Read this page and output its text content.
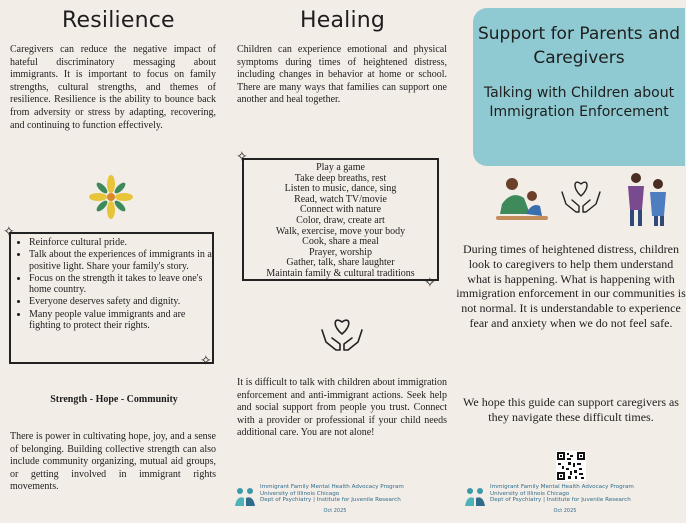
Resilience

Caregivers can reduce the negative impact of hateful discriminatory messaging about immigrants. It is important to focus on family strengths, cultural strengths, and themes of resilience. Resilience is the ability to bounce back from adversity or stress by adapting, recovering, and continuing to function effectively.

✧
• Reinforce cultural pride.
• Talk about the experiences of immigrants in a positive light. Share your family's story.
• Focus on the strength it takes to leave one's home country.
• Everyone deserves safety and dignity.
• Many people value immigrants and are fighting to protect their rights.
✧
Strength - Hope - Community

There is power in cultivating hope, joy, and a sense of belonging. Building collective strength can also include community organizing, mutual aid groups, or getting involved in immigrant rights movements.

Healing

Children can experience emotional and physical symptoms during times of heightened distress, including changes in behavior at home or school. There are many ways that families can support one another and heal together.

✧
Play a game
Take deep breaths, rest
Listen to music, dance, sing
Read, watch TV/movie
Connect with nature
Color, draw, create art
Walk, exercise, move your body
Cook, share a meal
Prayer, worship
Gather, talk, share laughter
Maintain family & cultural traditions
✧

It is difficult to talk with children about immigration enforcement and anti-immigrant actions. Seek help and social support from people you trust. Connect with a provider or professional if your child needs additional care. You are not alone!

Support for Parents and Caregivers
Talking with Children about Immigration Enforcement

During times of heightened distress, children look to caregivers to help them understand what is happening. What is happening with immigration enforcement in our communities is not normal. It is understandable to experience fear and anxiety when we do not feel safe.

We hope this guide can support caregivers as they navigate these difficult times.

Immigrant Family Mental Health Advocacy Program
University of Illinois Chicago
Dept of Psychiatry | Institute for Juvenile Research
Oct 2025
Immigrant Family Mental Health Advocacy Program
University of Illinois Chicago
Dept of Psychiatry | Institute for Juvenile Research
Oct 2025
